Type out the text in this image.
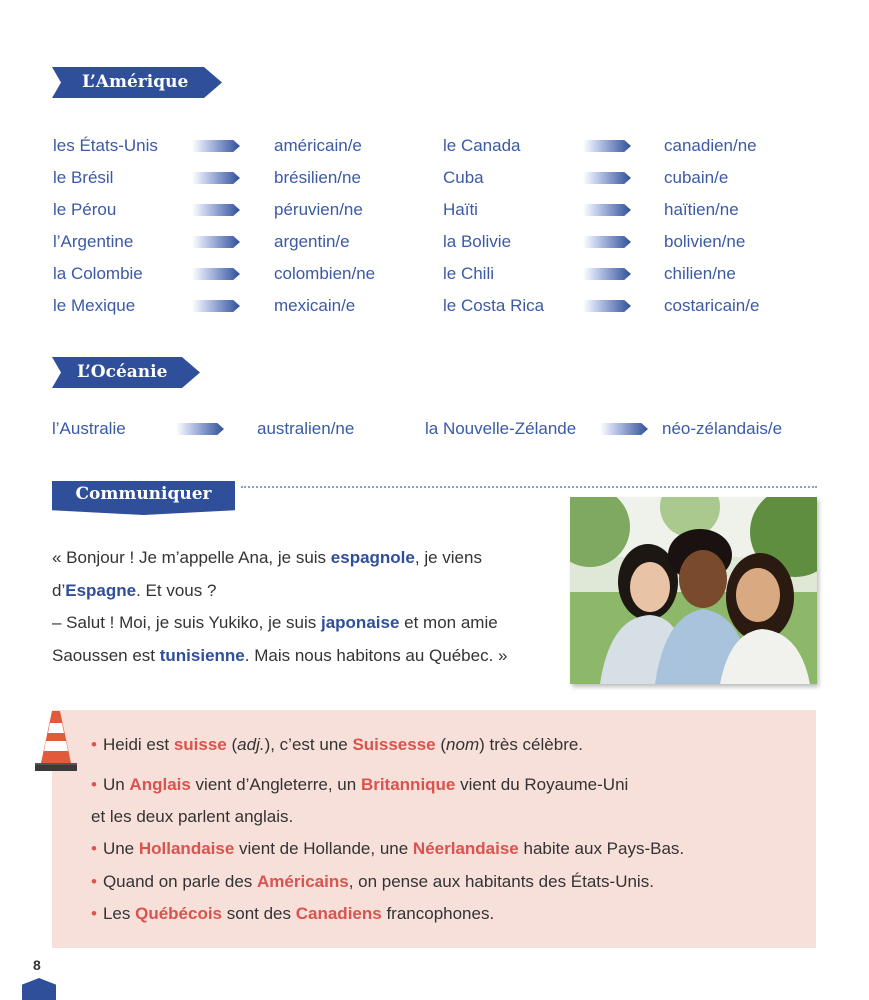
L’Amérique
les États-Unis	américain/e	le Canada	canadien/ne
le Brésil	brésilien/ne	Cuba	cubain/e
le Pérou	péruvien/ne	Haïti	haïtien/ne
l’Argentine	argentin/e	la Bolivie	bolivien/ne
la Colombie	colombien/ne	le Chili	chilien/ne
le Mexique	mexicain/e	le Costa Rica	costaricain/e
L’Océanie
l’Australie	australien/ne	la Nouvelle-Zélande	néo-zélandais/e
Communiquer
« Bonjour ! Je m’appelle Ana, je suis espagnole, je viens
d’Espagne. Et vous ?
– Salut ! Moi, je suis Yukiko, je suis japonaise et mon amie
Saoussen est tunisienne. Mais nous habitons au Québec. »
• Heidi est suisse (adj.), c’est une Suissesse (nom) très célèbre.
• Un Anglais vient d’Angleterre, un Britannique vient du Royaume-Uni
et les deux parlent anglais.
• Une Hollandaise vient de Hollande, une Néerlandaise habite aux Pays-Bas.
• Quand on parle des Américains, on pense aux habitants des États-Unis.
• Les Québécois sont des Canadiens francophones.
8
